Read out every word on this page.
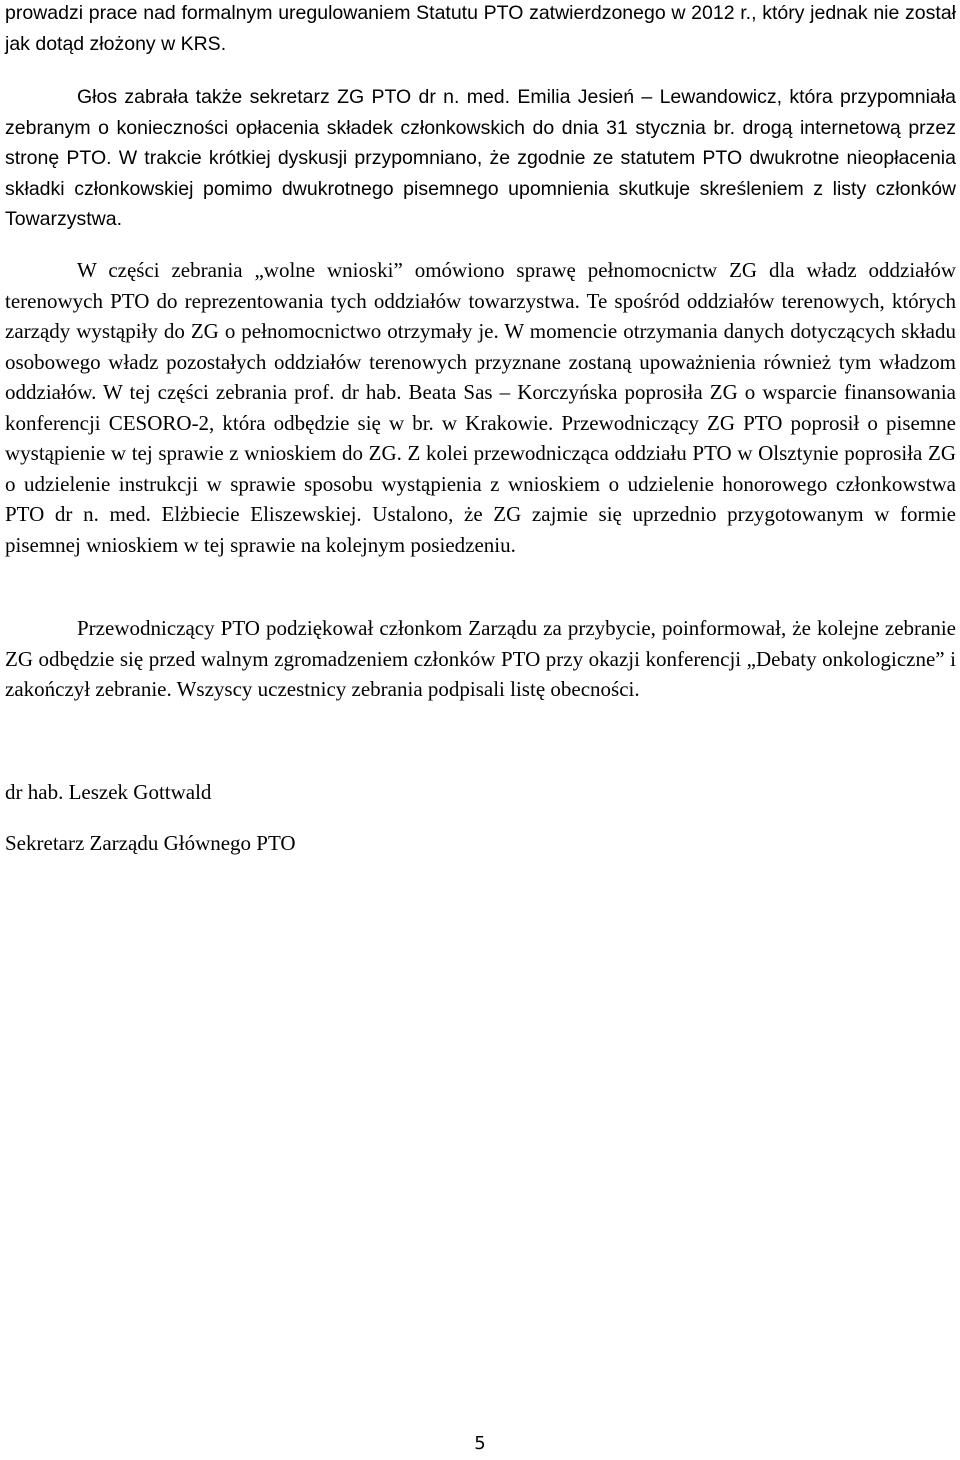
prowadzi prace nad formalnym uregulowaniem Statutu PTO zatwierdzonego w 2012 r., który jednak nie został jak dotąd złożony w KRS.

Głos zabrała także sekretarz ZG PTO dr n. med. Emilia Jesień – Lewandowicz, która przypomniała zebranym o konieczności opłacenia składek członkowskich do dnia 31 stycznia br. drogą internetową przez stronę PTO. W trakcie krótkiej dyskusji przypomniano, że zgodnie ze statutem PTO dwukrotne nieopłacenia składki członkowskiej pomimo dwukrotnego pisemnego upomnienia skutkuje skreśleniem z listy członków Towarzystwa.

W części zebrania „wolne wnioski” omówiono sprawę pełnomocnictw ZG dla władz oddziałów terenowych PTO do reprezentowania tych oddziałów towarzystwa. Te spośród oddziałów terenowych, których zarządy wystąpiły do ZG o pełnomocnictwo otrzymały je. W momencie otrzymania danych dotyczących składu osobowego władz pozostałych oddziałów terenowych przyznane zostaną upoważnienia również tym władzom oddziałów. W tej części zebrania prof. dr hab. Beata Sas – Korczyńska poprosiła ZG o wsparcie finansowania konferencji CESORO-2, która odbędzie się w br. w Krakowie. Przewodniczący ZG PTO poprosił o pisemne wystąpienie w tej sprawie z wnioskiem do ZG. Z kolei przewodnicząca oddziału PTO w Olsztynie poprosiła ZG o udzielenie instrukcji w sprawie sposobu wystąpienia z wnioskiem o udzielenie honorowego członkowstwa PTO dr n. med. Elżbiecie Eliszewskiej. Ustalono, że ZG zajmie się uprzednio przygotowanym w formie pisemnej wnioskiem w tej sprawie na kolejnym posiedzeniu.

Przewodniczący PTO podziękował członkom Zarządu za przybycie, poinformował, że kolejne zebranie ZG odbędzie się przed walnym zgromadzeniem członków PTO przy okazji konferencji „Debaty onkologiczne” i zakończył zebranie. Wszyscy uczestnicy zebrania podpisali listę obecności.

dr hab. Leszek Gottwald
Sekretarz Zarządu Głównego PTO
5
